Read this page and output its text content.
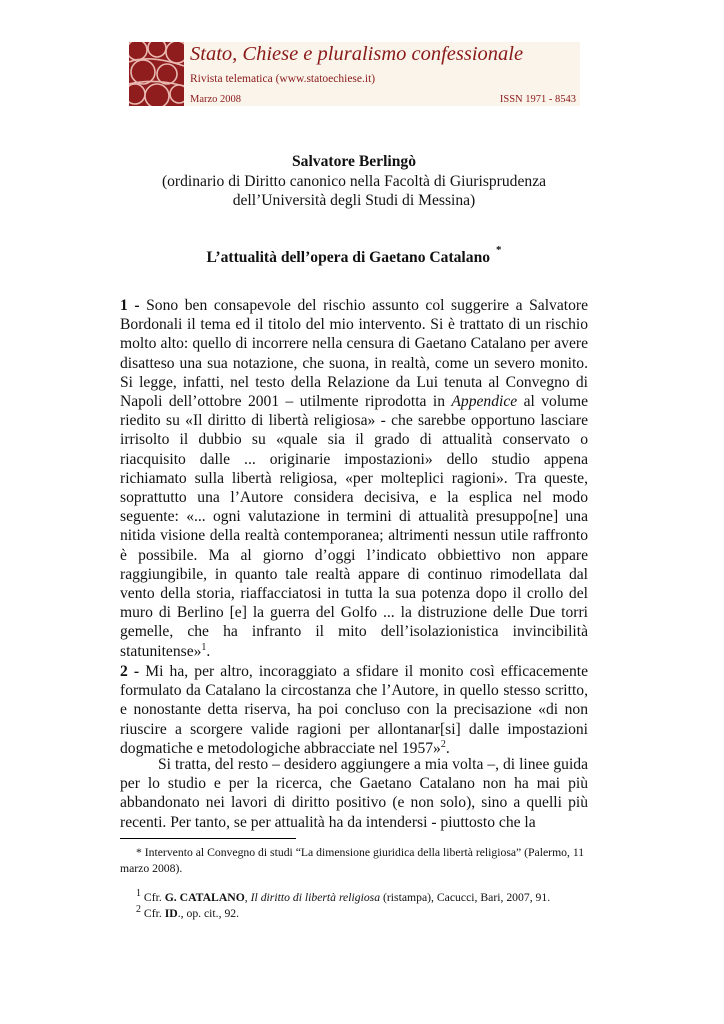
Stato, Chiese e pluralismo confessionale
Rivista telematica (www.statoechiese.it)
Marzo 2008	ISSN 1971 - 8543
Salvatore Berlingò
(ordinario di Diritto canonico nella Facoltà di Giurisprudenza
dell’Università degli Studi di Messina)
L’attualità dell’opera di Gaetano Catalano *

1 - Sono ben consapevole del rischio assunto col suggerire a Salvatore Bordonali il tema ed il titolo del mio intervento. Si è trattato di un rischio molto alto: quello di incorrere nella censura di Gaetano Catalano per avere disatteso una sua notazione, che suona, in realtà, come un severo monito. Si legge, infatti, nel testo della Relazione da Lui tenuta al Convegno di Napoli dell’ottobre 2001 – utilmente riprodotta in Appendice al volume riedito su «Il diritto di libertà religiosa» - che sarebbe opportuno lasciare irrisolto il dubbio su «quale sia il grado di attualità conservato o riacquisito dalle ... originarie impostazioni» dello studio appena richiamato sulla libertà religiosa, «per molteplici ragioni». Tra queste, soprattutto una l’Autore considera decisiva, e la esplica nel modo seguente: «... ogni valutazione in termini di attualità presuppo[ne] una nitida visione della realtà contemporanea; altrimenti nessun utile raffronto è possibile. Ma al giorno d’oggi l’indicato obbiettivo non appare raggiungibile, in quanto tale realtà appare di continuo rimodellata dal vento della storia, riaffacciatosi in tutta la sua potenza dopo il crollo del muro di Berlino [e] la guerra del Golfo ... la distruzione delle Due torri gemelle, che ha infranto il mito dell’isolazionistica invincibilità statunitense»$^1$.

2 - Mi ha, per altro, incoraggiato a sfidare il monito così efficacemente formulato da Catalano la circostanza che l’Autore, in quello stesso scritto, e nonostante detta riserva, ha poi concluso con la precisazione «di non riuscire a scorgere valide ragioni per allontanar[si] dalle impostazioni dogmatiche e metodologiche abbracciate nel 1957»$^2$.

Si tratta, del resto – desidero aggiungere a mia volta –, di linee guida per lo studio e per la ricerca, che Gaetano Catalano non ha mai più abbandonato nei lavori di diritto positivo (e non solo), sino a quelli più recenti. Per tanto, se per attualità ha da intendersi - piuttosto che la

* Intervento al Convegno di studi “La dimensione giuridica della libertà religiosa” (Palermo, 11 marzo 2008).
$^1$ Cfr. G. CATALANO, Il diritto di libertà religiosa (ristampa), Cacucci, Bari, 2007, 91.
$^2$ Cfr. ID., op. cit., 92.
